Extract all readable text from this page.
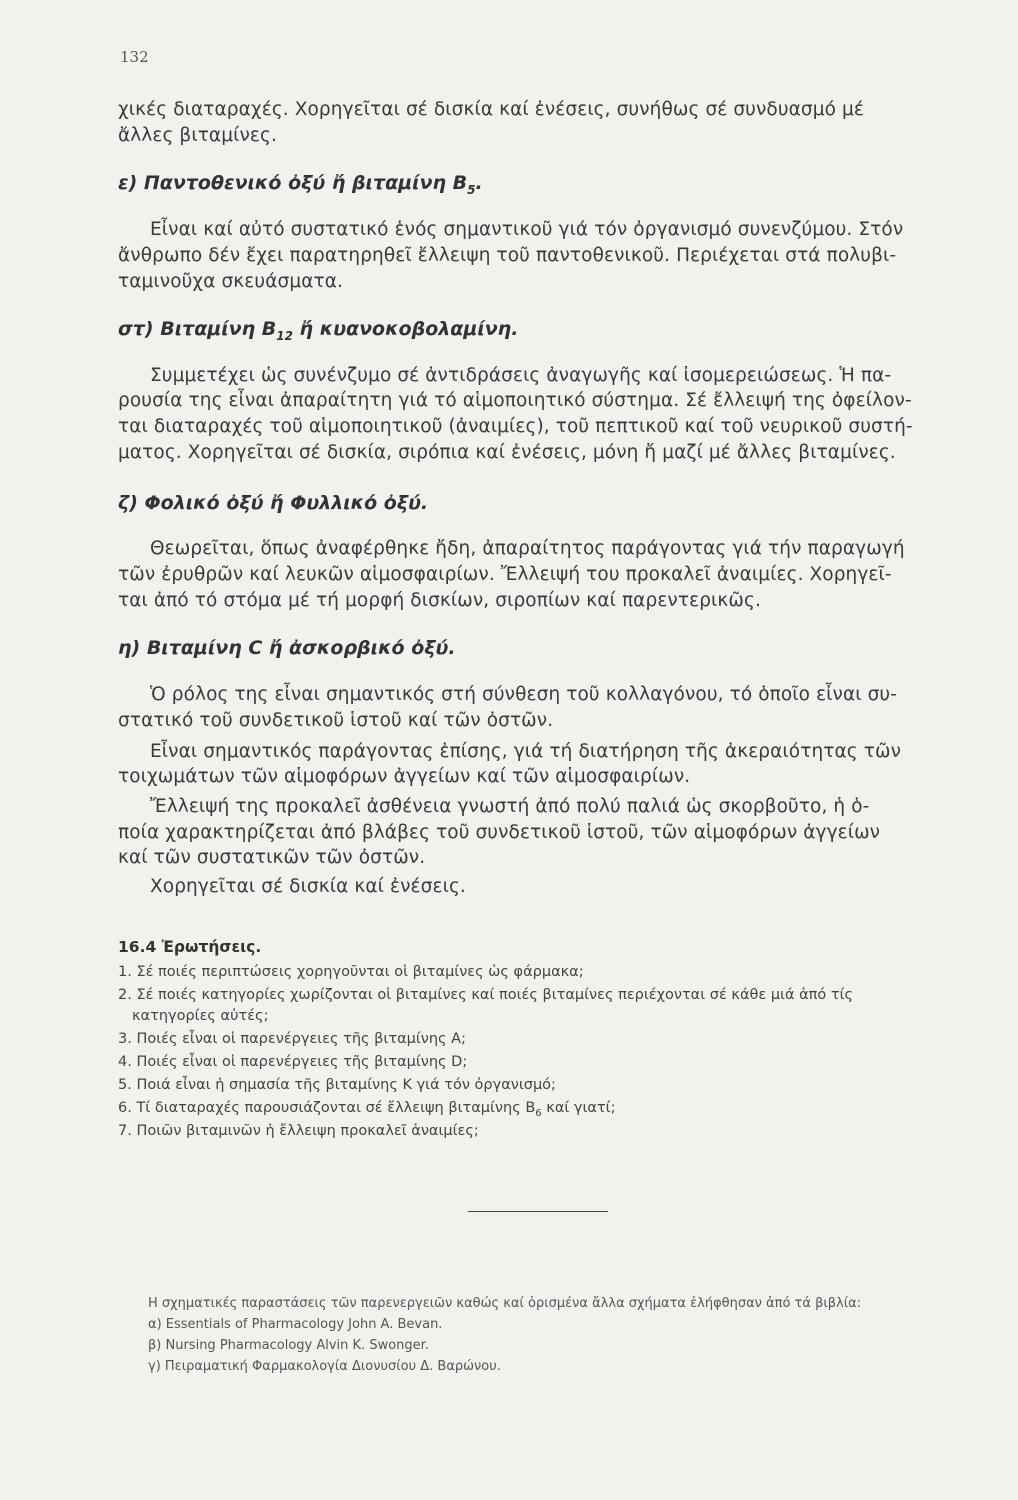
132
χικές διαταραχές. Χορηγεῖται σέ δισκία καί ἐνέσεις, συνήθως σέ συνδυασμό μέ
ἄλλες βιταμίνες.
ε) Παντοθενικό ὀξύ ἤ βιταμίνη $B_5$.
Εἶναι καί αὐτό συστατικό ἑνός σημαντικοῦ γιά τόν ὀργανισμό συνενζύμου. Στόν
ἄνθρωπο δέν ἔχει παρατηρηθεῖ ἔλλειψη τοῦ παντοθενικοῦ. Περιέχεται στά πολυβι-
ταμινοῦχα σκευάσματα.
στ) Βιταμίνη $B_{12}$ ἤ κυανοκοβολαμίνη.
Συμμετέχει ὡς συνένζυμο σέ ἀντιδράσεις ἀναγωγῆς καί ἰσομερειώσεως. Ἡ πα-
ρουσία της εἶναι ἀπαραίτητη γιά τό αἱμοποιητικό σύστημα. Σέ ἔλλειψή της ὀφείλον-
ται διαταραχές τοῦ αἱμοποιητικοῦ (ἀναιμίες), τοῦ πεπτικοῦ καί τοῦ νευρικοῦ συστή-
ματος. Χορηγεῖται σέ δισκία, σιρόπια καί ἐνέσεις, μόνη ἤ μαζί μέ ἄλλες βιταμίνες.
ζ) Φολικό ὀξύ ἤ Φυλλικό ὀξύ.
Θεωρεῖται, ὅπως ἀναφέρθηκε ἤδη, ἀπαραίτητος παράγοντας γιά τήν παραγωγή
τῶν ἐρυθρῶν καί λευκῶν αἱμοσφαιρίων. Ἔλλειψή του προκαλεῖ ἀναιμίες. Χορηγεῖ-
ται ἀπό τό στόμα μέ τή μορφή δισκίων, σιροπίων καί παρεντερικῶς.
η) Βιταμίνη C ἤ ἀσκορβικό ὀξύ.
Ὁ ρόλος της εἶναι σημαντικός στή σύνθεση τοῦ κολλαγόνου, τό ὁποῖο εἶναι συ-
στατικό τοῦ συνδετικοῦ ἱστοῦ καί τῶν ὀστῶν.
Εἶναι σημαντικός παράγοντας ἐπίσης, γιά τή διατήρηση τῆς ἀκεραιότητας τῶν
τοιχωμάτων τῶν αἱμοφόρων ἀγγείων καί τῶν αἱμοσφαιρίων.
Ἔλλειψή της προκαλεῖ ἀσθένεια γνωστή ἀπό πολύ παλιά ὡς σκορβοῦτο, ἡ ὁ-
ποία χαρακτηρίζεται ἀπό βλάβες τοῦ συνδετικοῦ ἱστοῦ, τῶν αἱμοφόρων ἀγγείων
καί τῶν συστατικῶν τῶν ὀστῶν.
Χορηγεῖται σέ δισκία καί ἐνέσεις.
16.4 Ἐρωτήσεις.
1. Σέ ποιές περιπτώσεις χορηγοῦνται οἱ βιταμίνες ὡς φάρμακα;
2. Σέ ποιές κατηγορίες χωρίζονται οἱ βιταμίνες καί ποιές βιταμίνες περιέχονται σέ κάθε μιά ἀπό τίς
κατηγορίες αὐτές;
3. Ποιές εἶναι οἱ παρενέργειες τῆς βιταμίνης A;
4. Ποιές εἶναι οἱ παρενέργειες τῆς βιταμίνης D;
5. Ποιά εἶναι ἡ σημασία τῆς βιταμίνης K γιά τόν ὀργανισμό;
6. Τί διαταραχές παρουσιάζονται σέ ἔλλειψη βιταμίνης $B_6$ καί γιατί;
7. Ποιῶν βιταμινῶν ἡ ἔλλειψη προκαλεῖ ἀναιμίες;
Η σχηματικές παραστάσεις τῶν παρενεργειῶν καθώς καί ὁρισμένα ἄλλα σχήματα ἐλήφθησαν ἀπό τά βιβλία:
α) Essentials of Pharmacology John A. Bevan.
β) Nursing Pharmacology Alvin K. Swonger.
γ) Πειραματική Φαρμακολογία Διονυσίου Δ. Βαρώνου.
